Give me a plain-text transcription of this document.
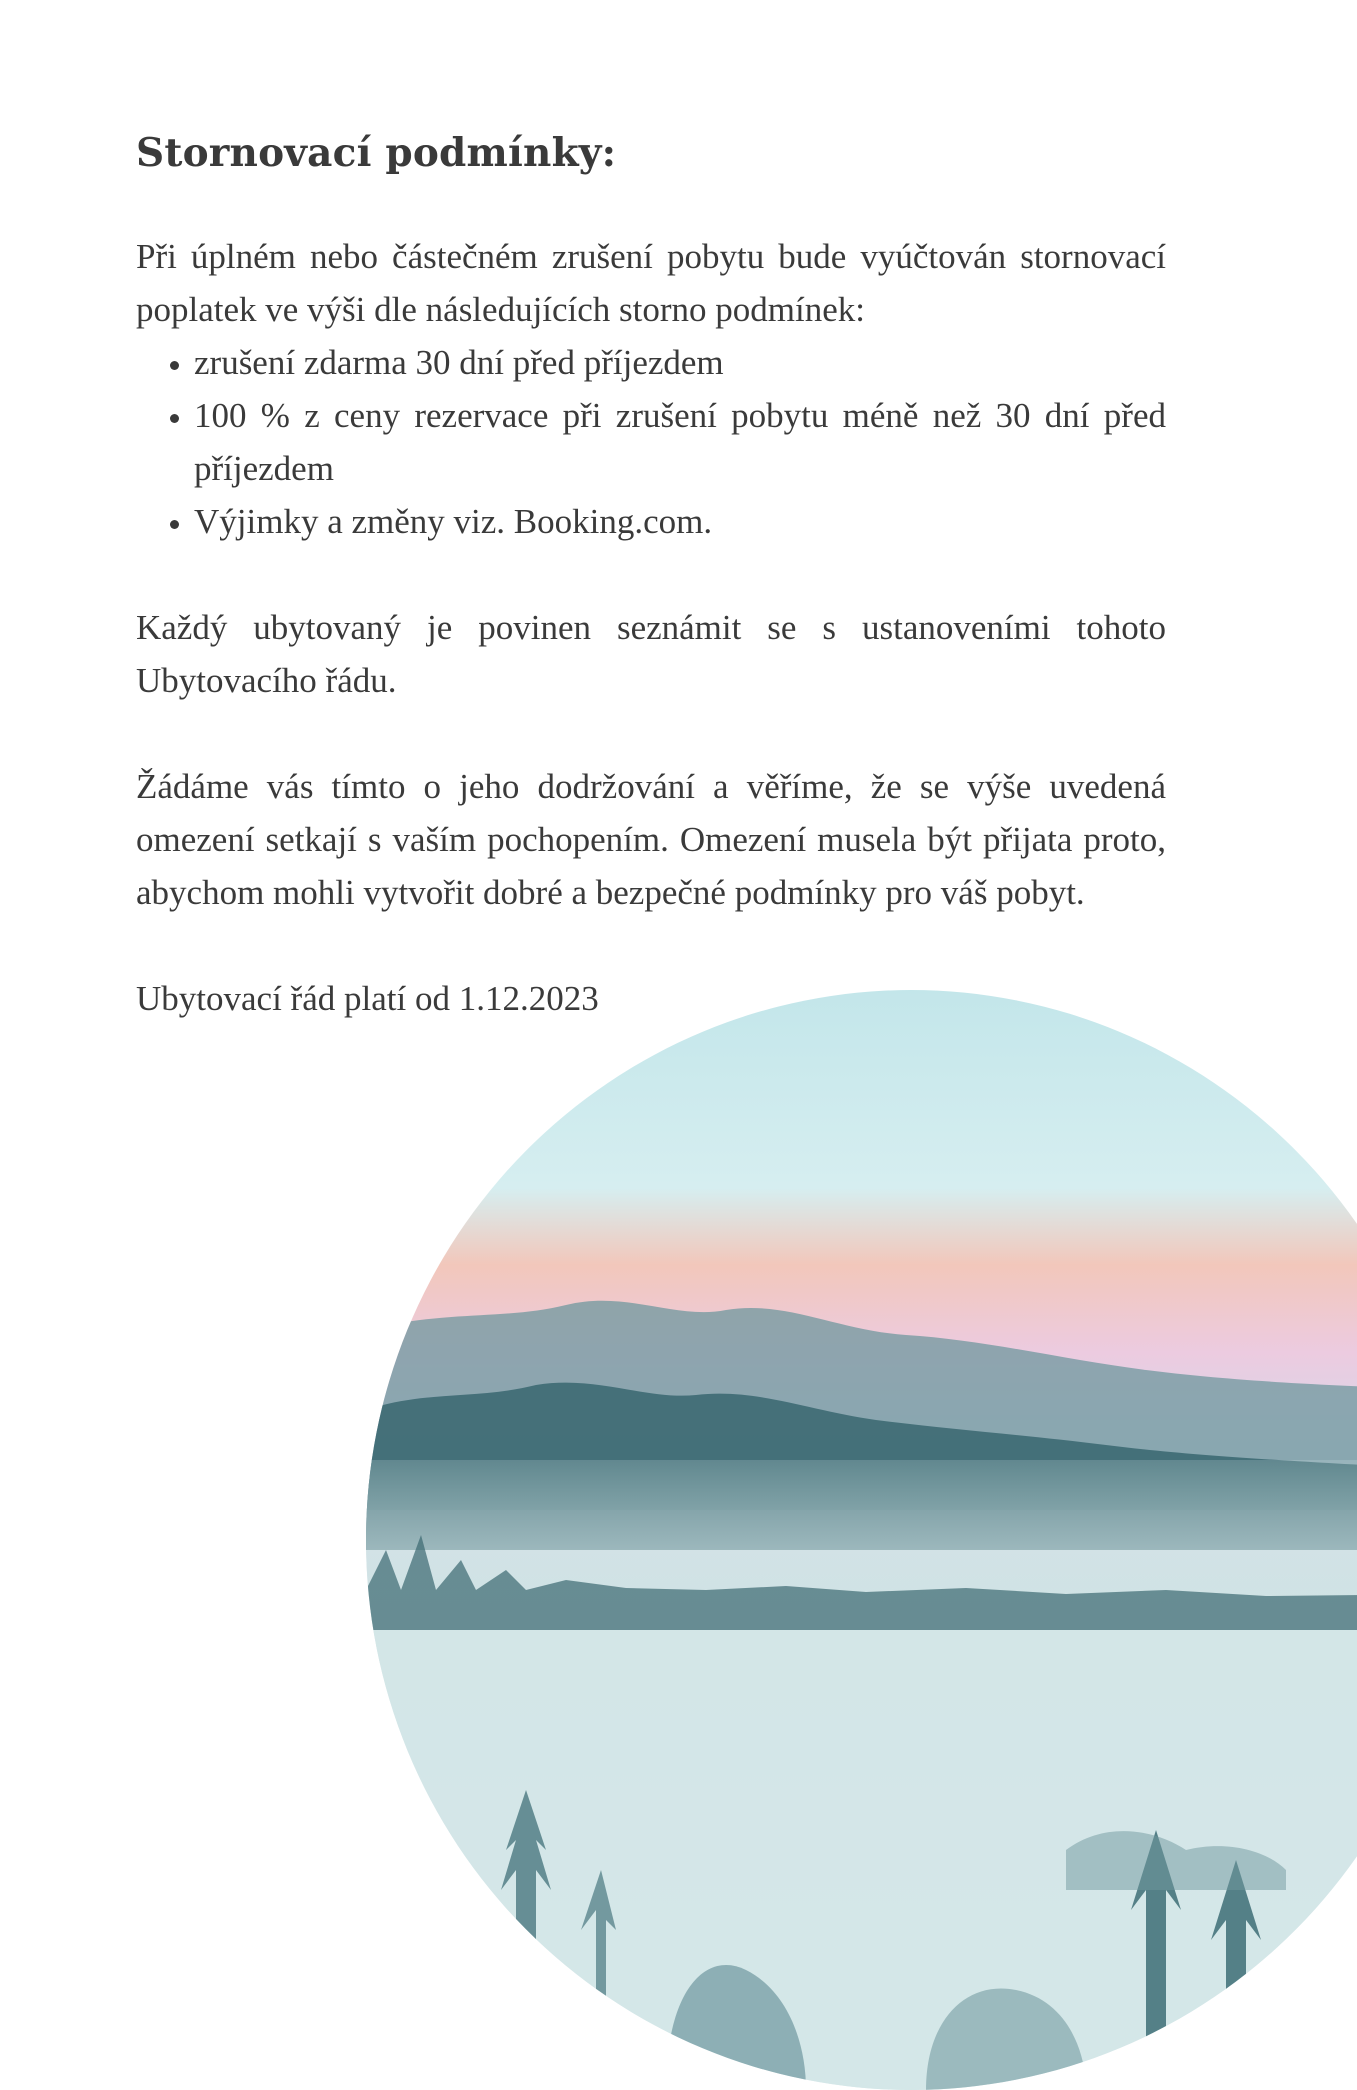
Stornovací podmínky:

Při úplném nebo částečném zrušení pobytu bude vyúčtován stornovací poplatek ve výši dle následujících storno podmínek:

• zrušení zdarma 30 dní před příjezdem
• 100 % z ceny rezervace při zrušení pobytu méně než 30 dní před příjezdem
• Výjimky a změny viz. Booking.com.

Každý ubytovaný je povinen seznámit se s ustanoveními tohoto Ubytovacího řádu.

Žádáme vás tímto o jeho dodržování a věříme, že se výše uvedená omezení setkají s vaším pochopením. Omezení musela být přijata proto, abychom mohli vytvořit dobré a bezpečné podmínky pro váš pobyt.

Ubytovací řád platí od 1.12.2023
